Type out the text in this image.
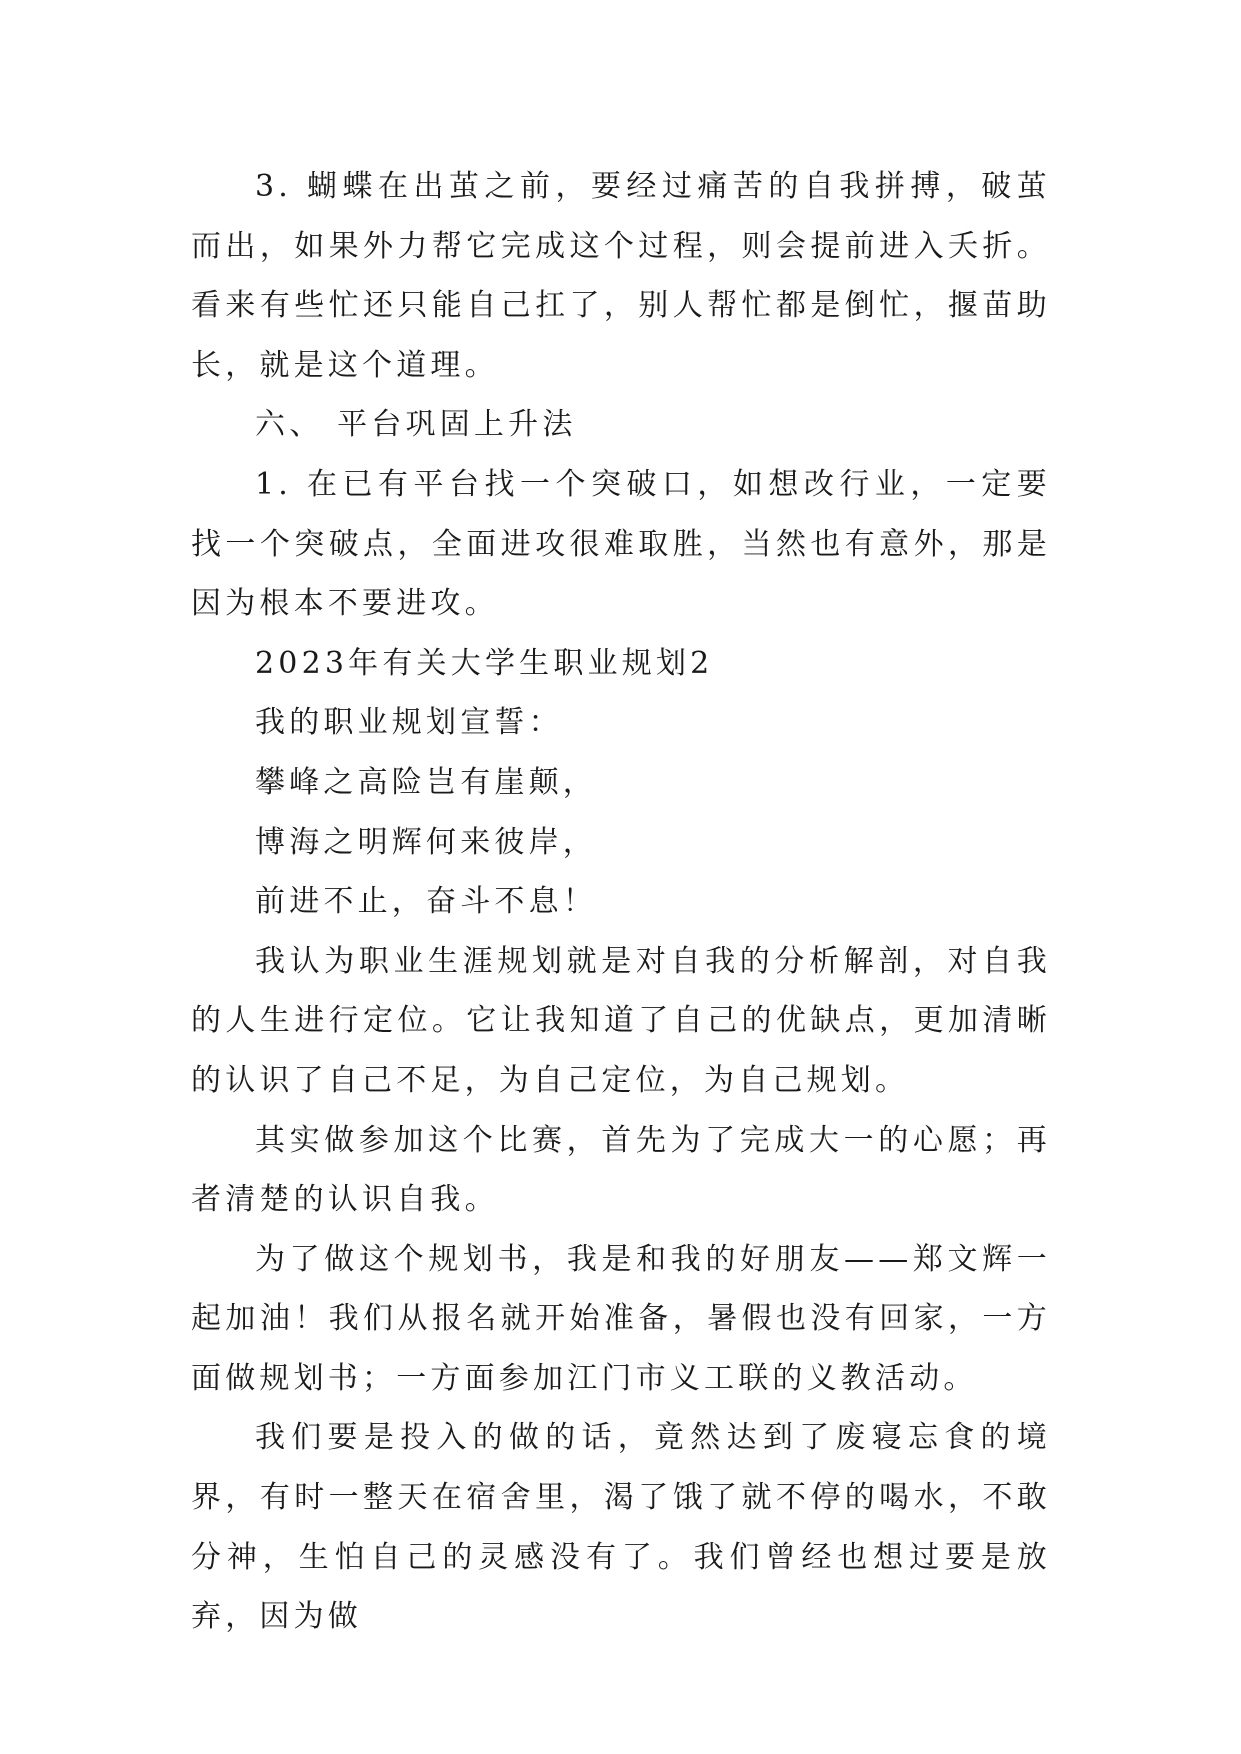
3. 蝴蝶在出茧之前，要经过痛苦的自我拼搏，破茧而出，如果外力帮它完成这个过程，则会提前进入夭折。看来有些忙还只能自己扛了，别人帮忙都是倒忙，揠苗助长，就是这个道理。

六、 平台巩固上升法

1. 在已有平台找一个突破口，如想改行业，一定要找一个突破点，全面进攻很难取胜，当然也有意外，那是因为根本不要进攻。

2023年有关大学生职业规划2

我的职业规划宣誓：

攀峰之高险岂有崖颠，

博海之明辉何来彼岸，

前进不止，奋斗不息！

我认为职业生涯规划就是对自我的分析解剖，对自我的人生进行定位。它让我知道了自己的优缺点，更加清晰的认识了自己不足，为自己定位，为自己规划。

其实做参加这个比赛，首先为了完成大一的心愿；再者清楚的认识自我。

为了做这个规划书，我是和我的好朋友——郑文辉一起加油！我们从报名就开始准备，暑假也没有回家，一方面做规划书；一方面参加江门市义工联的义教活动。

我们要是投入的做的话，竟然达到了废寝忘食的境界，有时一整天在宿舍里，渴了饿了就不停的喝水，不敢分神，生怕自己的灵感没有了。我们曾经也想过要是放弃，因为做
